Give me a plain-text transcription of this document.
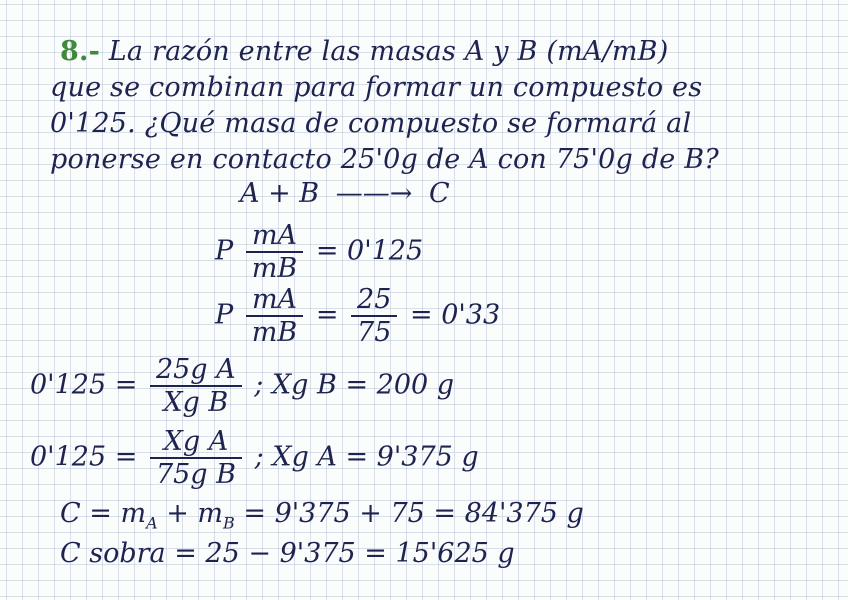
8.- La razón entre las masas A y B (mA/mB)
que se combinan para formar un compuesto es
0'125. ¿Qué masa de compuesto se formará al
ponerse en contacto 25'0g de A con 75'0g de B?
A + B ——→ C
P $\frac{mA}{mB} = 0'125$
P $\frac{mA}{mB} = \frac{25}{75} = 0'33$
$0'125 = \frac{\text{25g A}}{\text{Xg B}}$ ; Xg B = 200 g
$0'125 = \frac{\text{Xg A}}{\text{75g B}}$ ; Xg A = 9'375 g
$C = m_A + m_B = 9'375 + 75 = 84'375$ g
C sobra = 25 − 9'375 = 15'625 g
